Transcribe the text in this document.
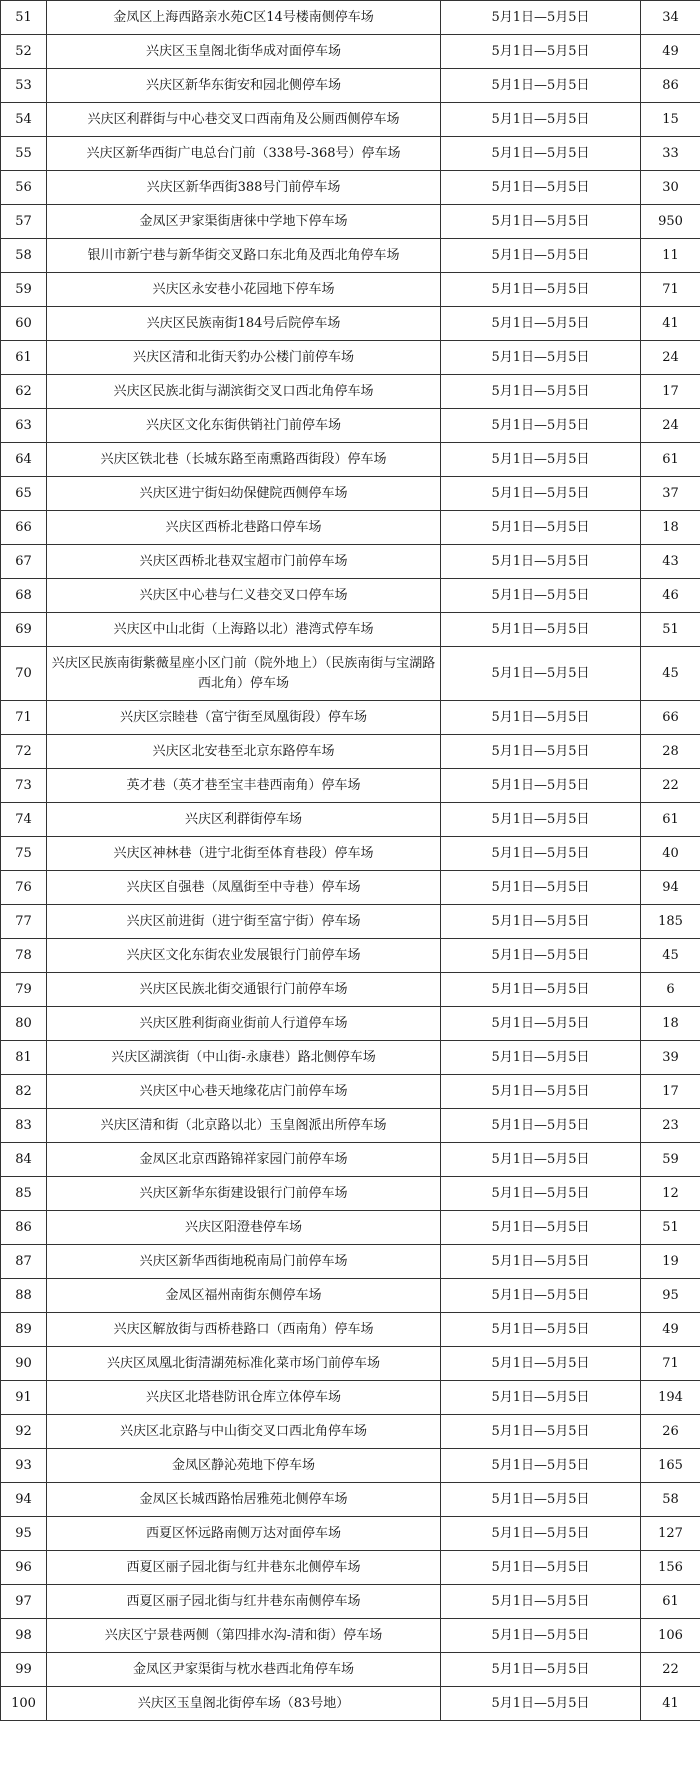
51	金凤区上海西路亲水苑C区14号楼南侧停车场	5月1日—5月5日	34
52	兴庆区玉皇阁北街华成对面停车场	5月1日—5月5日	49
53	兴庆区新华东街安和园北侧停车场	5月1日—5月5日	86
54	兴庆区利群街与中心巷交叉口西南角及公厕西侧停车场	5月1日—5月5日	15
55	兴庆区新华西街广电总台门前（338号-368号）停车场	5月1日—5月5日	33
56	兴庆区新华西街388号门前停车场	5月1日—5月5日	30
57	金凤区尹家渠街唐徕中学地下停车场	5月1日—5月5日	950
58	银川市新宁巷与新华街交叉路口东北角及西北角停车场	5月1日—5月5日	11
59	兴庆区永安巷小花园地下停车场	5月1日—5月5日	71
60	兴庆区民族南街184号后院停车场	5月1日—5月5日	41
61	兴庆区清和北街天豹办公楼门前停车场	5月1日—5月5日	24
62	兴庆区民族北街与湖滨街交叉口西北角停车场	5月1日—5月5日	17
63	兴庆区文化东街供销社门前停车场	5月1日—5月5日	24
64	兴庆区铁北巷（长城东路至南熏路西街段）停车场	5月1日—5月5日	61
65	兴庆区进宁街妇幼保健院西侧停车场	5月1日—5月5日	37
66	兴庆区西桥北巷路口停车场	5月1日—5月5日	18
67	兴庆区西桥北巷双宝超市门前停车场	5月1日—5月5日	43
68	兴庆区中心巷与仁义巷交叉口停车场	5月1日—5月5日	46
69	兴庆区中山北街（上海路以北）港湾式停车场	5月1日—5月5日	51
70	兴庆区民族南街紫薇星座小区门前（院外地上）（民族南街与宝湖路西北角）停车场	5月1日—5月5日	45
71	兴庆区宗睦巷（富宁街至凤凰街段）停车场	5月1日—5月5日	66
72	兴庆区北安巷至北京东路停车场	5月1日—5月5日	28
73	英才巷（英才巷至宝丰巷西南角）停车场	5月1日—5月5日	22
74	兴庆区利群街停车场	5月1日—5月5日	61
75	兴庆区神林巷（进宁北街至体育巷段）停车场	5月1日—5月5日	40
76	兴庆区自强巷（凤凰街至中寺巷）停车场	5月1日—5月5日	94
77	兴庆区前进街（进宁街至富宁街）停车场	5月1日—5月5日	185
78	兴庆区文化东街农业发展银行门前停车场	5月1日—5月5日	45
79	兴庆区民族北街交通银行门前停车场	5月1日—5月5日	6
80	兴庆区胜利街商业街前人行道停车场	5月1日—5月5日	18
81	兴庆区湖滨街（中山街-永康巷）路北侧停车场	5月1日—5月5日	39
82	兴庆区中心巷天地缘花店门前停车场	5月1日—5月5日	17
83	兴庆区清和街（北京路以北）玉皇阁派出所停车场	5月1日—5月5日	23
84	金凤区北京西路锦祥家园门前停车场	5月1日—5月5日	59
85	兴庆区新华东街建设银行门前停车场	5月1日—5月5日	12
86	兴庆区阳澄巷停车场	5月1日—5月5日	51
87	兴庆区新华西街地税南局门前停车场	5月1日—5月5日	19
88	金凤区福州南街东侧停车场	5月1日—5月5日	95
89	兴庆区解放街与西桥巷路口（西南角）停车场	5月1日—5月5日	49
90	兴庆区凤凰北街清湖苑标准化菜市场门前停车场	5月1日—5月5日	71
91	兴庆区北塔巷防讯仓库立体停车场	5月1日—5月5日	194
92	兴庆区北京路与中山街交叉口西北角停车场	5月1日—5月5日	26
93	金凤区静沁苑地下停车场	5月1日—5月5日	165
94	金凤区长城西路怡居雅苑北侧停车场	5月1日—5月5日	58
95	西夏区怀远路南侧万达对面停车场	5月1日—5月5日	127
96	西夏区丽子园北街与红井巷东北侧停车场	5月1日—5月5日	156
97	西夏区丽子园北街与红井巷东南侧停车场	5月1日—5月5日	61
98	兴庆区宁景巷两侧（第四排水沟-清和街）停车场	5月1日—5月5日	106
99	金凤区尹家渠街与枕水巷西北角停车场	5月1日—5月5日	22
100	兴庆区玉皇阁北街停车场（83号地）	5月1日—5月5日	41
